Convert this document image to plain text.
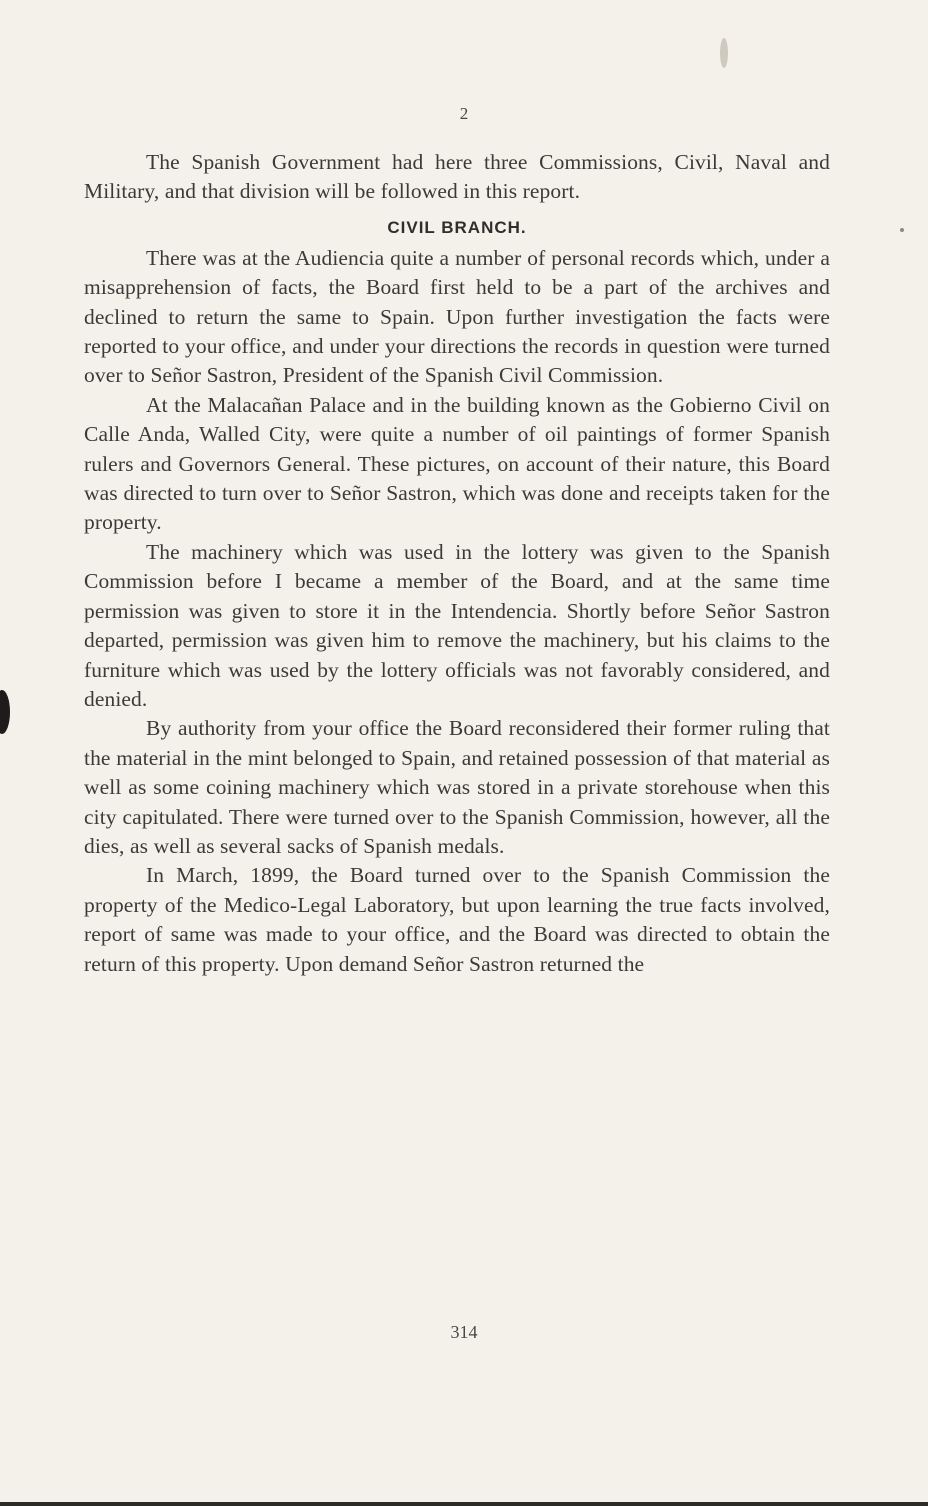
2

The Spanish Government had here three Commissions, Civil, Naval and Military, and that division will be followed in this report.

CIVIL BRANCH.

There was at the Audiencia quite a number of personal records which, under a misapprehension of facts, the Board first held to be a part of the archives and declined to return the same to Spain. Upon further investigation the facts were reported to your office, and under your directions the records in question were turned over to Señor Sastron, President of the Spanish Civil Commission.

At the Malacañan Palace and in the building known as the Gobierno Civil on Calle Anda, Walled City, were quite a number of oil paintings of former Spanish rulers and Governors General. These pictures, on account of their nature, this Board was directed to turn over to Señor Sastron, which was done and receipts taken for the property.

The machinery which was used in the lottery was given to the Spanish Commission before I became a member of the Board, and at the same time permission was given to store it in the Intendencia. Shortly before Señor Sastron departed, permission was given him to remove the machinery, but his claims to the furniture which was used by the lottery officials was not favorably considered, and denied.

By authority from your office the Board reconsidered their former ruling that the material in the mint belonged to Spain, and retained possession of that material as well as some coining machinery which was stored in a private storehouse when this city capitulated. There were turned over to the Spanish Commission, however, all the dies, as well as several sacks of Spanish medals.

In March, 1899, the Board turned over to the Spanish Commission the property of the Medico-Legal Laboratory, but upon learning the true facts involved, report of same was made to your office, and the Board was directed to obtain the return of this property. Upon demand Señor Sastron returned the

314
